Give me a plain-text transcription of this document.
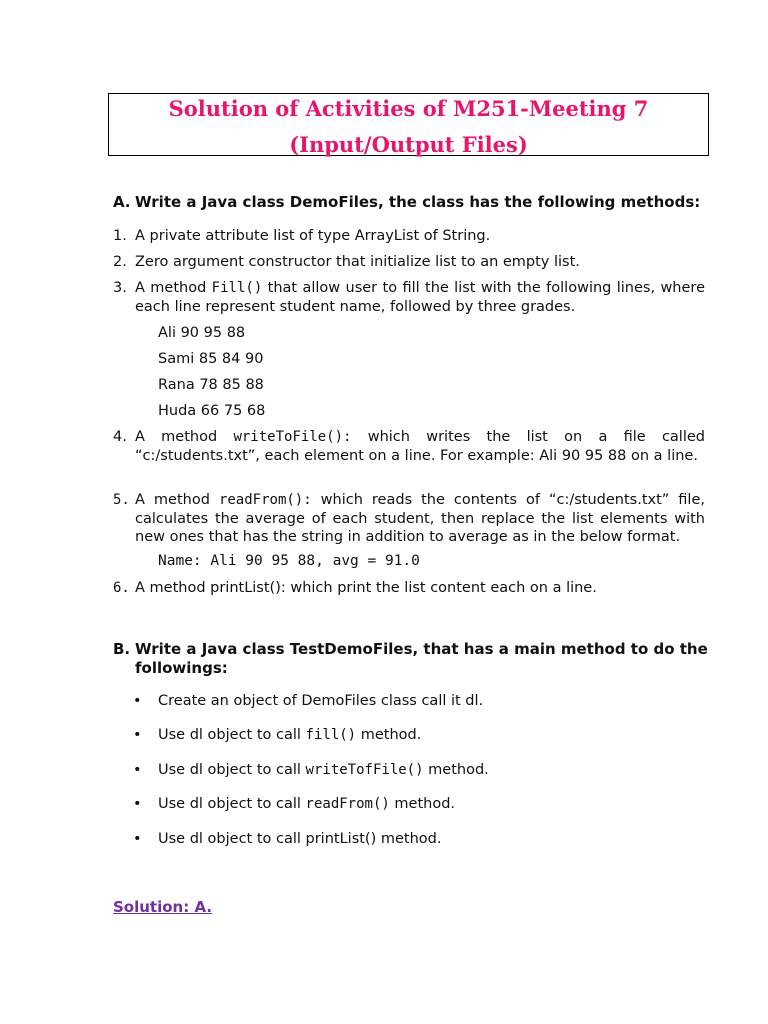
Solution of Activities of M251-Meeting 7
(Input/Output Files)
A. Write a Java class DemoFiles, the class has the following methods:
1. A private attribute list of type ArrayList of String.
2. Zero argument constructor that initialize list to an empty list.
3. A method Fill() that allow user to fill the list with the following lines, where each line represent student name, followed by three grades.
Ali 90 95 88
Sami 85 84 90
Rana 78 85 88
Huda 66 75 68
4. A method writeToFile(): which writes the list on a file called “c:/students.txt”, each element on a line. For example: Ali 90 95 88 on a line.
5. A method readFrom(): which reads the contents of “c:/students.txt” file, calculates the average of each student, then replace the list elements with new ones that has the string in addition to average as in the below format.
Name: Ali 90 95 88, avg = 91.0
6. A method printList(): which print the list content each on a line.
B. Write a Java class TestDemoFiles, that has a main method to do the followings:
• Create an object of DemoFiles class call it dl.
• Use dl object to call fill() method.
• Use dl object to call writeTofFile() method.
• Use dl object to call readFrom() method.
• Use dl object to call printList() method.
Solution: A.
